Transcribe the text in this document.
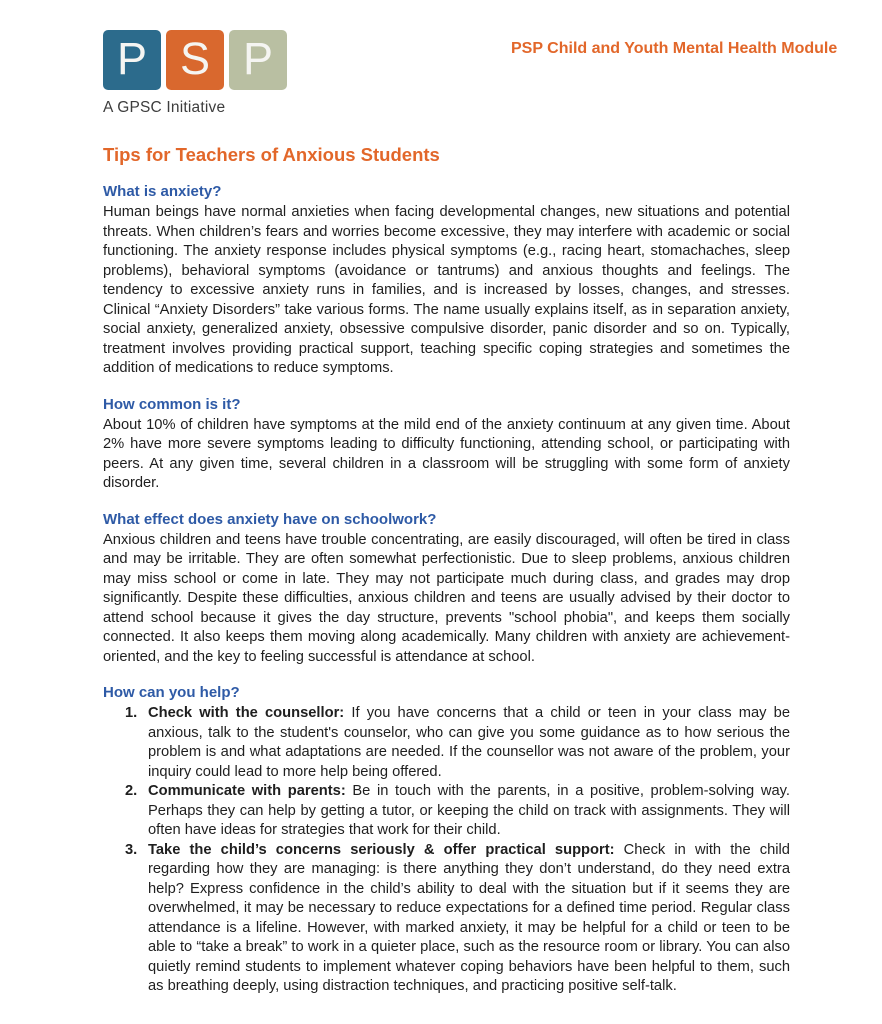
P S P
A GPSC Initiative
PSP Child and Youth Mental Health Module
Tips for Teachers of Anxious Students
What is anxiety?

Human beings have normal anxieties when facing developmental changes, new situations and potential threats. When children’s fears and worries become excessive, they may interfere with academic or social functioning. The anxiety response includes physical symptoms (e.g., racing heart, stomachaches, sleep problems), behavioral symptoms (avoidance or tantrums) and anxious thoughts and feelings. The tendency to excessive anxiety runs in families, and is increased by losses, changes, and stresses. Clinical “Anxiety Disorders” take various forms. The name usually explains itself, as in separation anxiety, social anxiety, generalized anxiety, obsessive compulsive disorder, panic disorder and so on. Typically, treatment involves providing practical support, teaching specific coping strategies and sometimes the addition of medications to reduce symptoms.

How common is it?

About 10% of children have symptoms at the mild end of the anxiety continuum at any given time. About 2% have more severe symptoms leading to difficulty functioning, attending school, or participating with peers. At any given time, several children in a classroom will be struggling with some form of anxiety disorder.

What effect does anxiety have on schoolwork?

Anxious children and teens have trouble concentrating, are easily discouraged, will often be tired in class and may be irritable. They are often somewhat perfectionistic. Due to sleep problems, anxious children may miss school or come in late. They may not participate much during class, and grades may drop significantly. Despite these difficulties, anxious children and teens are usually advised by their doctor to attend school because it gives the day structure, prevents "school phobia", and keeps them socially connected. It also keeps them moving along academically. Many children with anxiety are achievement-oriented, and the key to feeling successful is attendance at school.

How can you help?
1. Check with the counsellor: If you have concerns that a child or teen in your class may be anxious, talk to the student's counselor, who can give you some guidance as to how serious the problem is and what adaptations are needed. If the counsellor was not aware of the problem, your inquiry could lead to more help being offered.
2. Communicate with parents: Be in touch with the parents, in a positive, problem-solving way. Perhaps they can help by getting a tutor, or keeping the child on track with assignments. They will often have ideas for strategies that work for their child.
3. Take the child’s concerns seriously & offer practical support: Check in with the child regarding how they are managing: is there anything they don’t understand, do they need extra help? Express confidence in the child’s ability to deal with the situation but if it seems they are overwhelmed, it may be necessary to reduce expectations for a defined time period. Regular class attendance is a lifeline. However, with marked anxiety, it may be helpful for a child or teen to be able to “take a break” to work in a quieter place, such as the resource room or library. You can also quietly remind students to implement whatever coping behaviors have been helpful to them, such as breathing deeply, using distraction techniques, and practicing positive self-talk.
